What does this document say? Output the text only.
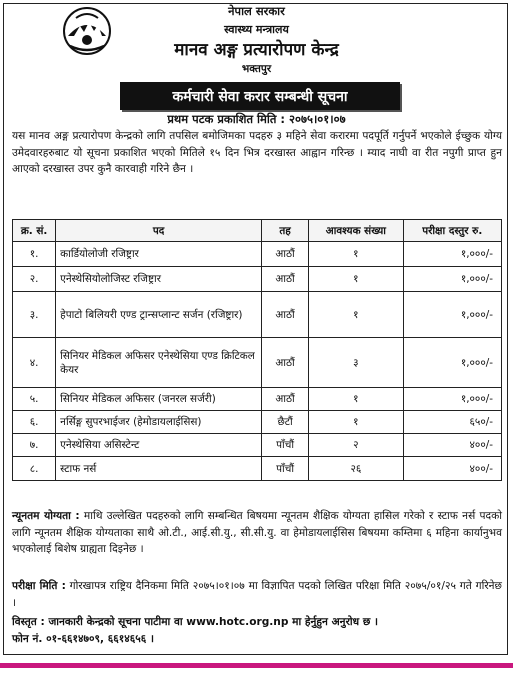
नेपाल सरकार
स्वास्थ्य मन्त्रालय
मानव अङ्ग प्रत्यारोपण केन्द्र
भक्तपुर
कर्मचारी सेवा करार सम्बन्धी सूचना
प्रथम पटक प्रकाशित मिति : २०७५।०१।०७
यस मानव अङ्ग प्रत्यारोपण केन्द्रको लागि तपसिल बमोजिमका पदहरु ३ महिने सेवा करारमा पदपूर्ति गर्नुपर्ने भएकोले ईच्छुक योग्य उमेदवारहरुबाट यो सूचना प्रकाशित भएको मितिले १५ दिन भित्र दरखास्त आह्वान गरिन्छ । म्याद नाघी वा रीत नपुगी प्राप्त हुन आएको दरखास्त उपर कुनै कारवाही गरिने छैन ।
क्र. सं.	पद	तह	आवश्यक संख्या	परीक्षा दस्तुर रु.
१.	कार्डियोलोजी रजिष्ट्रार	आठौं	१	१,०००/-
२.	एनेस्थेसियोलोजिस्ट रजिष्ट्रार	आठौं	१	१,०००/-
३.	हेपाटो बिलियरी एण्ड ट्रान्सप्लान्ट सर्जन (रजिष्ट्रार)	आठौं	१	१,०००/-
४.	सिनियर मेडिकल अफिसर एनेस्थेसिया एण्ड क्रिटिकल केयर	आठौं	३	१,०००/-
५.	सिनियर मेडिकल अफिसर (जनरल सर्जरी)	आठौं	१	१,०००/-
६.	नर्सिङ्ग सुपरभाईजर (हेमोडायलाईसिस)	छैटौं	१	६५०/-
७.	एनेस्थेसिया असिस्टेन्ट	पाँचौं	२	४००/-
८.	स्टाफ नर्स	पाँचौं	२६	४००/-
न्यूनतम योग्यता : माथि उल्लेखित पदहरुको लागि सम्बन्धित बिषयमा न्यूनतम शैक्षिक योग्यता हासिल गरेको र स्टाफ नर्स पदको लागि न्यूनतम शैक्षिक योग्यताका साथै ओ.टी., आई.सी.यु., सी.सी.यु. वा हेमोडायलाईसिस बिषयमा कम्तिमा ६ महिना कार्यानुभव भएकोलाई बिशेष ग्राह्यता दिइनेछ ।
परीक्षा मिति : गोरखापत्र राष्ट्रिय दैनिकमा मिति २०७५।०१।०७ मा विज्ञापित पदको लिखित परिक्षा मिति २०७५/०१/२५ गते गरिनेछ ।
विस्तृत : जानकारी केन्द्रको सूचना पाटीमा वा www.hotc.org.np मा हेर्नुहुन अनुरोध छ ।
फोन नं. ०१-६६१४७०९, ६६१४६५६ ।
